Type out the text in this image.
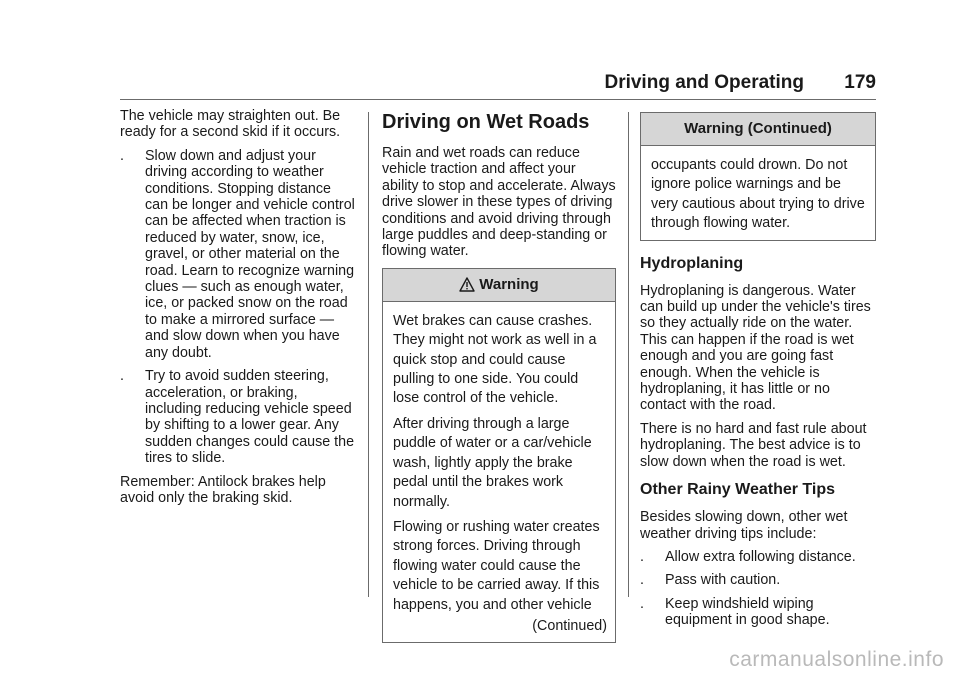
Driving and Operating 179

The vehicle may straighten out. Be ready for a second skid if it occurs.

. Slow down and adjust your driving according to weather conditions. Stopping distance can be longer and vehicle control can be affected when traction is reduced by water, snow, ice, gravel, or other material on the road. Learn to recognize warning clues — such as enough water, ice, or packed snow on the road to make a mirrored surface — and slow down when you have any doubt.
. Try to avoid sudden steering, acceleration, or braking, including reducing vehicle speed by shifting to a lower gear. Any sudden changes could cause the tires to slide.

Remember: Antilock brakes help avoid only the braking skid.

Driving on Wet Roads

Rain and wet roads can reduce vehicle traction and affect your ability to stop and accelerate. Always drive slower in these types of driving conditions and avoid driving through large puddles and deep-standing or flowing water.

Warning

Wet brakes can cause crashes. They might not work as well in a quick stop and could cause pulling to one side. You could lose control of the vehicle.

After driving through a large puddle of water or a car/vehicle wash, lightly apply the brake pedal until the brakes work normally.

Flowing or rushing water creates strong forces. Driving through flowing water could cause the vehicle to be carried away. If this happens, you and other vehicle

(Continued)

Warning (Continued)

occupants could drown. Do not ignore police warnings and be very cautious about trying to drive through flowing water.

Hydroplaning

Hydroplaning is dangerous. Water can build up under the vehicle's tires so they actually ride on the water. This can happen if the road is wet enough and you are going fast enough. When the vehicle is hydroplaning, it has little or no contact with the road.

There is no hard and fast rule about hydroplaning. The best advice is to slow down when the road is wet.

Other Rainy Weather Tips

Besides slowing down, other wet weather driving tips include:

. Allow extra following distance.
. Pass with caution.
. Keep windshield wiping equipment in good shape.
carmanualsonline.info
